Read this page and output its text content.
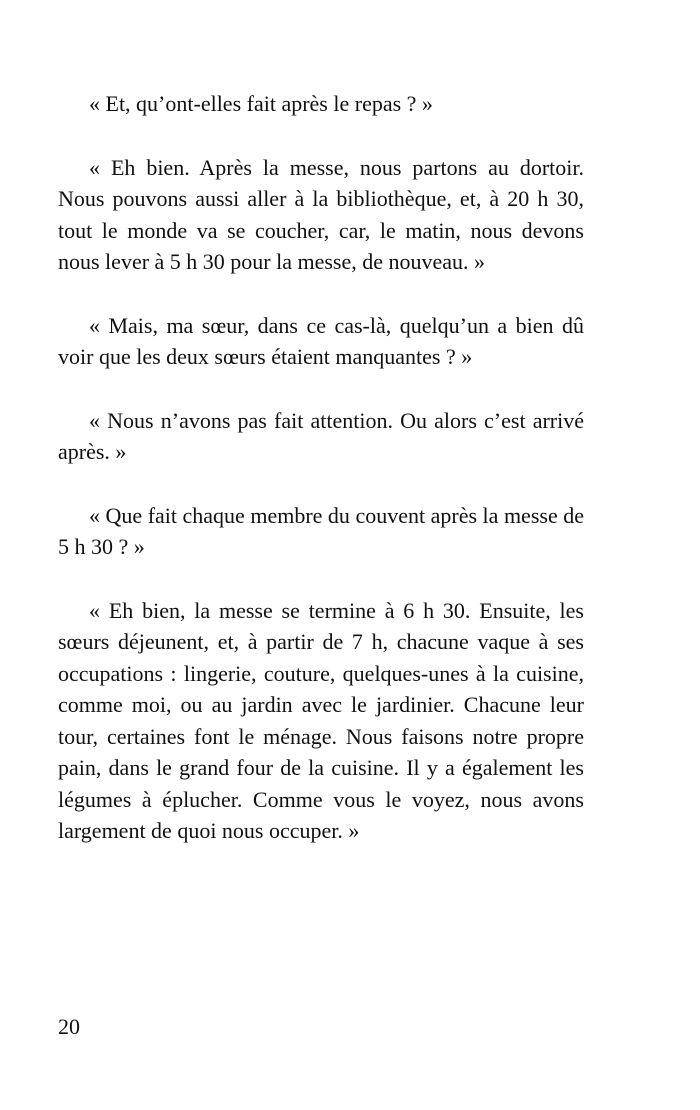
« Et, qu’ont-elles fait après le repas ? »

« Eh bien. Après la messe, nous partons au dortoir. Nous pouvons aussi aller à la bibliothèque, et, à 20 h 30, tout le monde va se coucher, car, le matin, nous devons nous lever à 5 h 30 pour la messe, de nouveau. »

« Mais, ma sœur, dans ce cas-là, quelqu’un a bien dû voir que les deux sœurs étaient manquantes ? »

« Nous n’avons pas fait attention. Ou alors c’est arrivé après. »

« Que fait chaque membre du couvent après la messe de 5 h 30 ? »

« Eh bien, la messe se termine à 6 h 30. Ensuite, les sœurs déjeunent, et, à partir de 7 h, chacune vaque à ses occupations : lingerie, couture, quelques-unes à la cuisine, comme moi, ou au jardin avec le jardinier. Chacune leur tour, certaines font le ménage. Nous faisons notre propre pain, dans le grand four de la cuisine. Il y a également les légumes à éplucher. Comme vous le voyez, nous avons largement de quoi nous occuper. »

20
